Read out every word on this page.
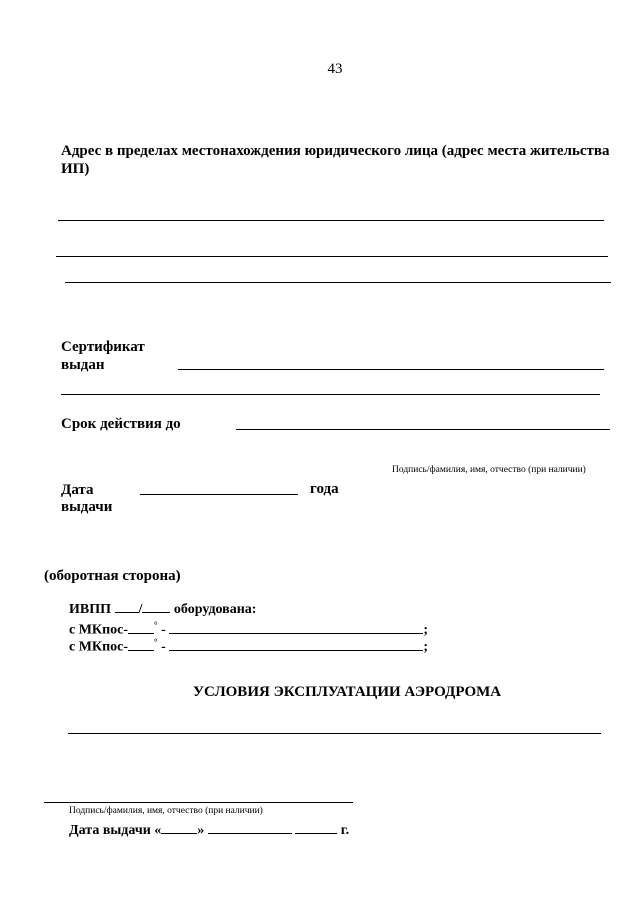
43
Адрес в пределах местонахождения юридического лица (адрес места жительства ИП)
Сертификат
выдан
Срок действия до
Подпись/фамилия, имя, отчество (при наличии)
Дата
выдачи
года
(оборотная сторона)
ИВПП / оборудована:
с МКпос-	° -	;
с МКпос-	° -	;
УСЛОВИЯ ЭКСПЛУАТАЦИИ АЭРОДРОМА
Подпись/фамилия, имя, отчество (при наличии)
Дата выдачи «	»	г.
